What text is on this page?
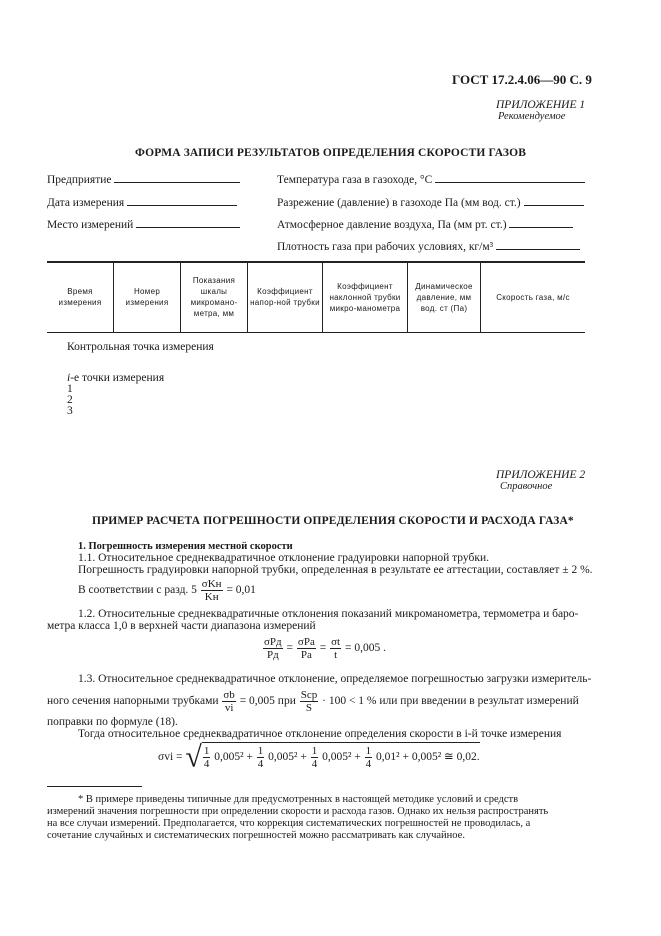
ГОСТ 17.2.4.06—90 С. 9
ПРИЛОЖЕНИЕ 1
Рекомендуемое
ФОРМА ЗАПИСИ РЕЗУЛЬТАТОВ ОПРЕДЕЛЕНИЯ СКОРОСТИ ГАЗОВ
Предприятие
Дата измерения
Место измерений
Температура газа в газоходе, °С
Разрежение (давление) в газоходе Па (мм вод. ст.)
Атмосферное давление воздуха, Па (мм рт. ст.)
Плотность газа при рабочих условиях, кг/м³
Время измерения	Номер измерения	Показания шкалы микромано-метра, мм	Коэффициент напор-ной трубки	Коэффициент наклонной трубки микро-манометра	Динамическое давление, мм вод. ст (Па)	Скорость газа, м/с
Контрольная точка измерения
i-е точки измерения
1
2
3
ПРИЛОЖЕНИЕ 2
Справочное
ПРИМЕР РАСЧЕТА ПОГРЕШНОСТИ ОПРЕДЕЛЕНИЯ СКОРОСТИ И РАСХОДА ГАЗА*
1. Погрешность измерения местной скорости
1.1. Относительное среднеквадратичное отклонение градуировки напорной трубки.
Погрешность градуировки напорной трубки, определенная в результате ее аттестации, составляет ± 2 %.
В соответствии с разд. $5 \frac{\text{σKн}}{Kн} = 0,01$
1.2. Относительные среднеквадратичные отклонения показаний микроманометра, термометра и баро-
метра класса 1,0 в верхней части диапазона измерений
$\frac{\text{σPд}}{Pд} = \frac{\text{σPa}}{Pa} = \frac{\sigma t}{t} = 0,005$ .
1.3. Относительное среднеквадратичное отклонение, определяемое погрешностью загрузки измеритель-
ного сечения напорными трубками $\frac{\sigma b}{vi} = 0,005$ при $\frac{\text{Sср}}{S} \cdot 100 < 1$ % или при введении в результат измерений
поправки по формуле (18).
Тогда относительное среднеквадратичное отклонение определения скорости в i-й точке измерения
σvi = √ $\frac{1}{4} 0,005^2 + \frac{1}{4} 0,005^2 + \frac{1}{4} 0,005^2 + \frac{1}{4} 0,01^2 + 0,005^2$ ≅ 0,02.
* В примере приведены типичные для предусмотренных в настоящей методике условий и средств
измерений значения погрешности при определении скорости и расхода газов. Однако их нельзя распространять
на все случаи измерений. Предполагается, что коррекция систематических погрешностей не проводилась, а
сочетание случайных и систематических погрешностей можно рассматривать как случайное.
